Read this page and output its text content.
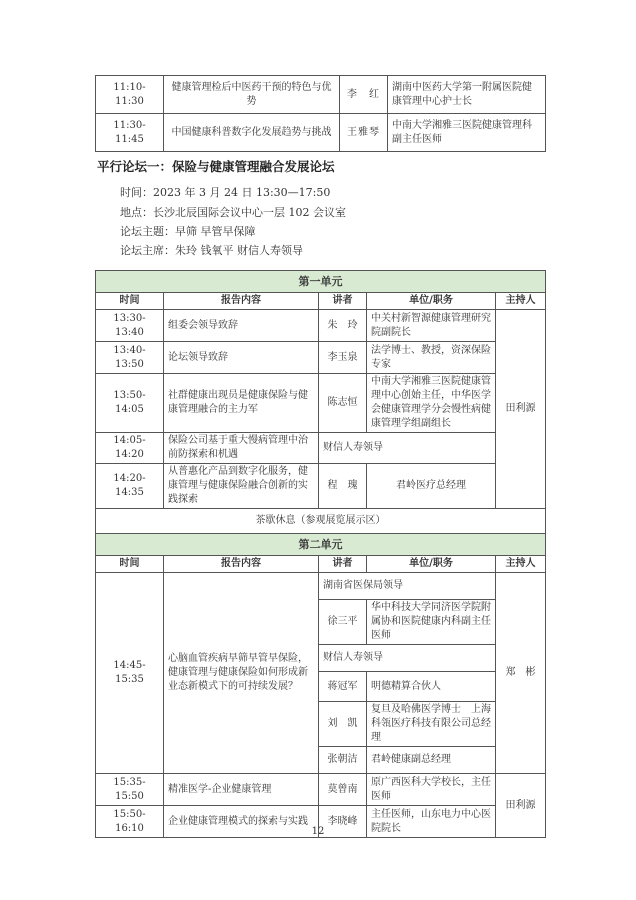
11:10-11:30	健康管理检后中医药干预的特色与优势	李　红	湖南中医药大学第一附属医院健康管理中心护士长
11:30-11:45	中国健康科普数字化发展趋势与挑战	王雅琴	中南大学湘雅三医院健康管理科副主任医师

平行论坛一：保险与健康管理融合发展论坛

时间：2023 年 3 月 24 日 13:30—17:50

地点：长沙北辰国际会议中心一层 102 会议室

论坛主题：早筛 早管早保障

论坛主席：朱玲 钱氧平 财信人寿领导

第一单元				
时间	报告内容	讲者	单位/职务	主持人
13:30-13:40	组委会领导致辞	朱　玲	中关村新智源健康管理研究院副院长	田利源
13:40-13:50	论坛领导致辞	李玉泉	法学博士、教授，资深保险专家	
13:50-14:05	社群健康出现员是健康保险与健康管理融合的主力军	陈志恒	中南大学湘雅三医院健康管理中心创始主任，中华医学会健康管理学分会慢性病健康管理学组副组长	
14:05-14:20	保险公司基于重大慢病管理中治前防探索和机遇	财信人寿领导		
14:20-14:35	从普惠化产品到数字化服务，健康管理与健康保险融合创新的实践探索	程　瑰	君岭医疗总经理	
茶歇休息（参观展览展示区）				
第二单元				
时间	报告内容	讲者	单位/职务	主持人
14:45-15:35	心脑血管疾病早筛早管早保险，健康管理与健康保险如何形成新业态新模式下的可持续发展？	湖南省医保局领导		郑　彬
		徐三平	华中科技大学同济医学院附属协和医院健康内科副主任医师	
		财信人寿领导		
		蒋冠军	明德精算合伙人	
		刘　凯	复旦及哈佛医学博士　上海科瓴医疗科技有限公司总经理	
		张朝洁	君岭健康副总经理	
15:35-15:50	精准医学-企业健康管理	莫曾南	原广西医科大学校长，主任医师	田利源
15:50-16:10	企业健康管理模式的探索与实践	李晓峰	主任医师，山东电力中心医院院长	

12
